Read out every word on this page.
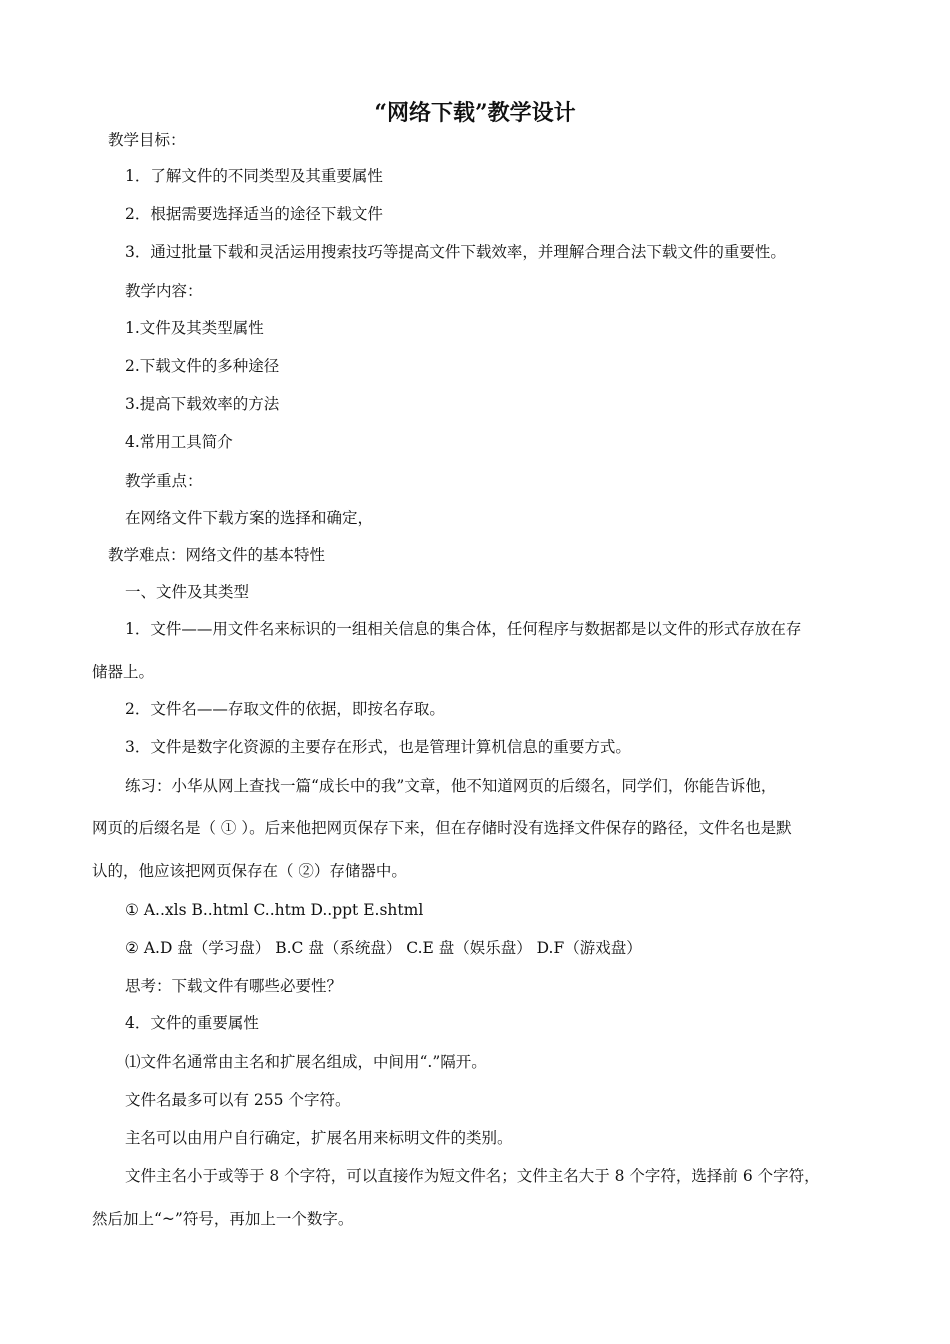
“网络下载”教学设计
教学目标：
1．了解文件的不同类型及其重要属性
2．根据需要选择适当的途径下载文件
3．通过批量下载和灵活运用搜索技巧等提高文件下载效率，并理解合理合法下载文件的重要性。
教学内容：
1.文件及其类型属性
2.下载文件的多种途径
3.提高下载效率的方法
4.常用工具简介
教学重点：
在网络文件下载方案的选择和确定，
教学难点：网络文件的基本特性
一、文件及其类型
1．文件——用文件名来标识的一组相关信息的集合体，任何程序与数据都是以文件的形式存放在存
储器上。
2．文件名——存取文件的依据，即按名存取。
3．文件是数字化资源的主要存在形式，也是管理计算机信息的重要方式。
练习：小华从网上查找一篇“成长中的我”文章，他不知道网页的后缀名，同学们，你能告诉他，
网页的后缀名是（ ① ）。后来他把网页保存下来，但在存储时没有选择文件保存的路径，文件名也是默
认的，他应该把网页保存在（ ②）存储器中。
① A..xls B..html C..htm D..ppt E.shtml
② A.D 盘（学习盘） B.C 盘（系统盘） C.E 盘（娱乐盘） D.F（游戏盘）
思考：下载文件有哪些必要性？
4．文件的重要属性
⑴文件名通常由主名和扩展名组成，中间用“.”隔开。
文件名最多可以有 255 个字符。
主名可以由用户自行确定，扩展名用来标明文件的类别。
文件主名小于或等于 8 个字符，可以直接作为短文件名；文件主名大于 8 个字符，选择前 6 个字符，
然后加上“~”符号，再加上一个数字。
